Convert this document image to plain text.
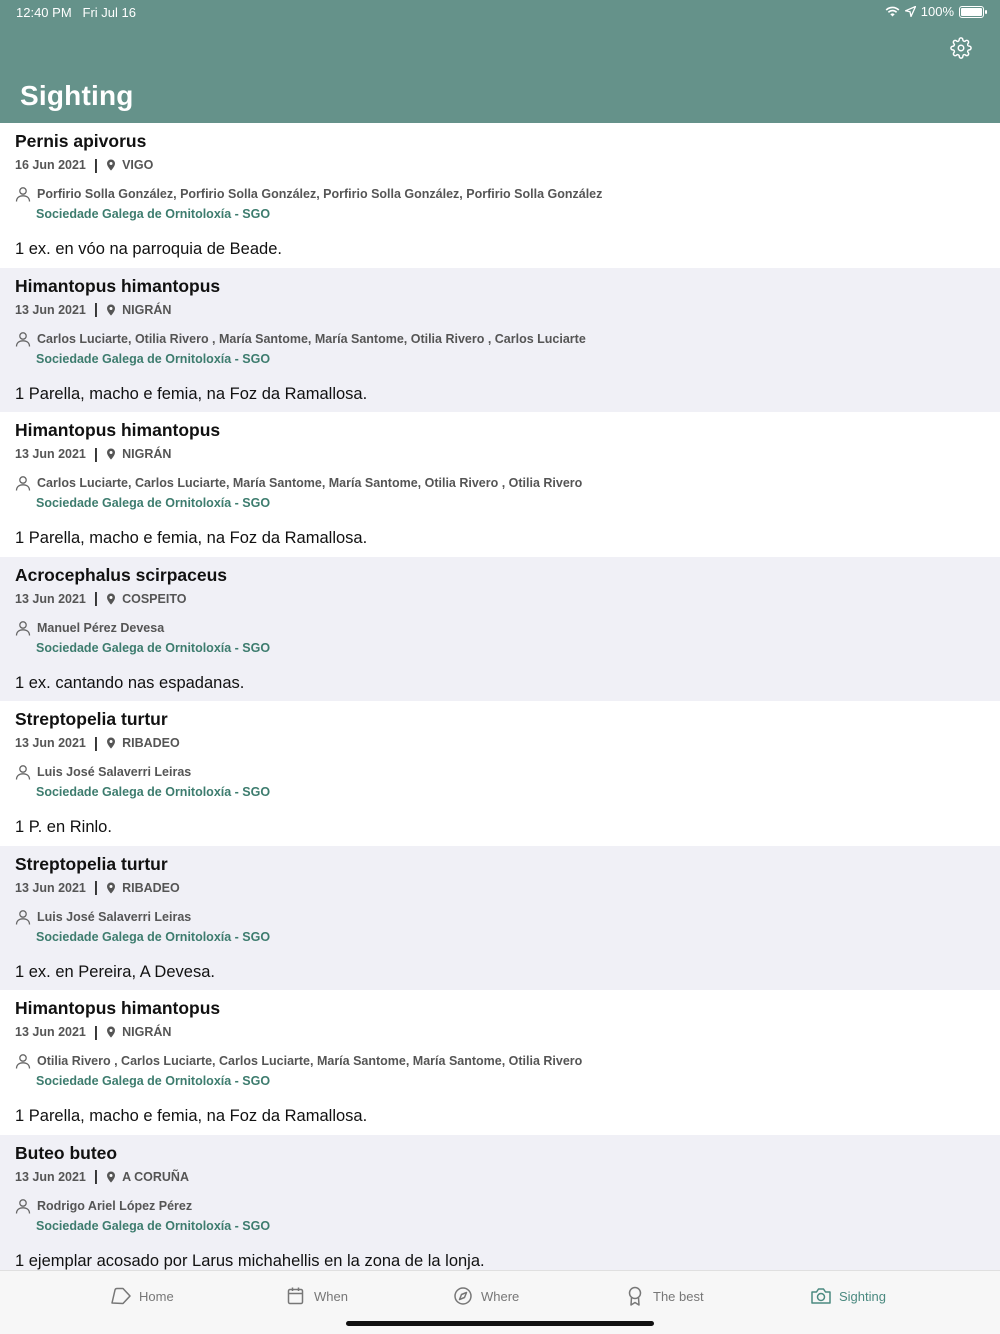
12:40 PM Fri Jul 16	100%
Sighting
Pernis apivorus
16 Jun 2021 | VIGO
Porfirio Solla González, Porfirio Solla González, Porfirio Solla González, Porfirio Solla González
Sociedade Galega de Ornitoloxía - SGO
1 ex. en vóo na parroquia de Beade.
Himantopus himantopus
13 Jun 2021 | NIGRÁN
Carlos Luciarte, Otilia Rivero , María Santome, María Santome, Otilia Rivero , Carlos Luciarte
Sociedade Galega de Ornitoloxía - SGO
1 Parella, macho e femia, na Foz da Ramallosa.
Himantopus himantopus
13 Jun 2021 | NIGRÁN
Carlos Luciarte, Carlos Luciarte, María Santome, María Santome, Otilia Rivero , Otilia Rivero
Sociedade Galega de Ornitoloxía - SGO
1 Parella, macho e femia, na Foz da Ramallosa.
Acrocephalus scirpaceus
13 Jun 2021 | COSPEITO
Manuel Pérez Devesa
Sociedade Galega de Ornitoloxía - SGO
1 ex. cantando nas espadanas.
Streptopelia turtur
13 Jun 2021 | RIBADEO
Luis José Salaverri Leiras
Sociedade Galega de Ornitoloxía - SGO
1 P. en Rinlo.
Streptopelia turtur
13 Jun 2021 | RIBADEO
Luis José Salaverri Leiras
Sociedade Galega de Ornitoloxía - SGO
1 ex. en Pereira, A Devesa.
Himantopus himantopus
13 Jun 2021 | NIGRÁN
Otilia Rivero , Carlos Luciarte, Carlos Luciarte, María Santome, María Santome, Otilia Rivero
Sociedade Galega de Ornitoloxía - SGO
1 Parella, macho e femia, na Foz da Ramallosa.
Buteo buteo
13 Jun 2021 | A CORUÑA
Rodrigo Ariel López Pérez
Sociedade Galega de Ornitoloxía - SGO
1 ejemplar acosado por Larus michahellis en la zona de la lonja.
Home	When	Where	The best	Sighting
